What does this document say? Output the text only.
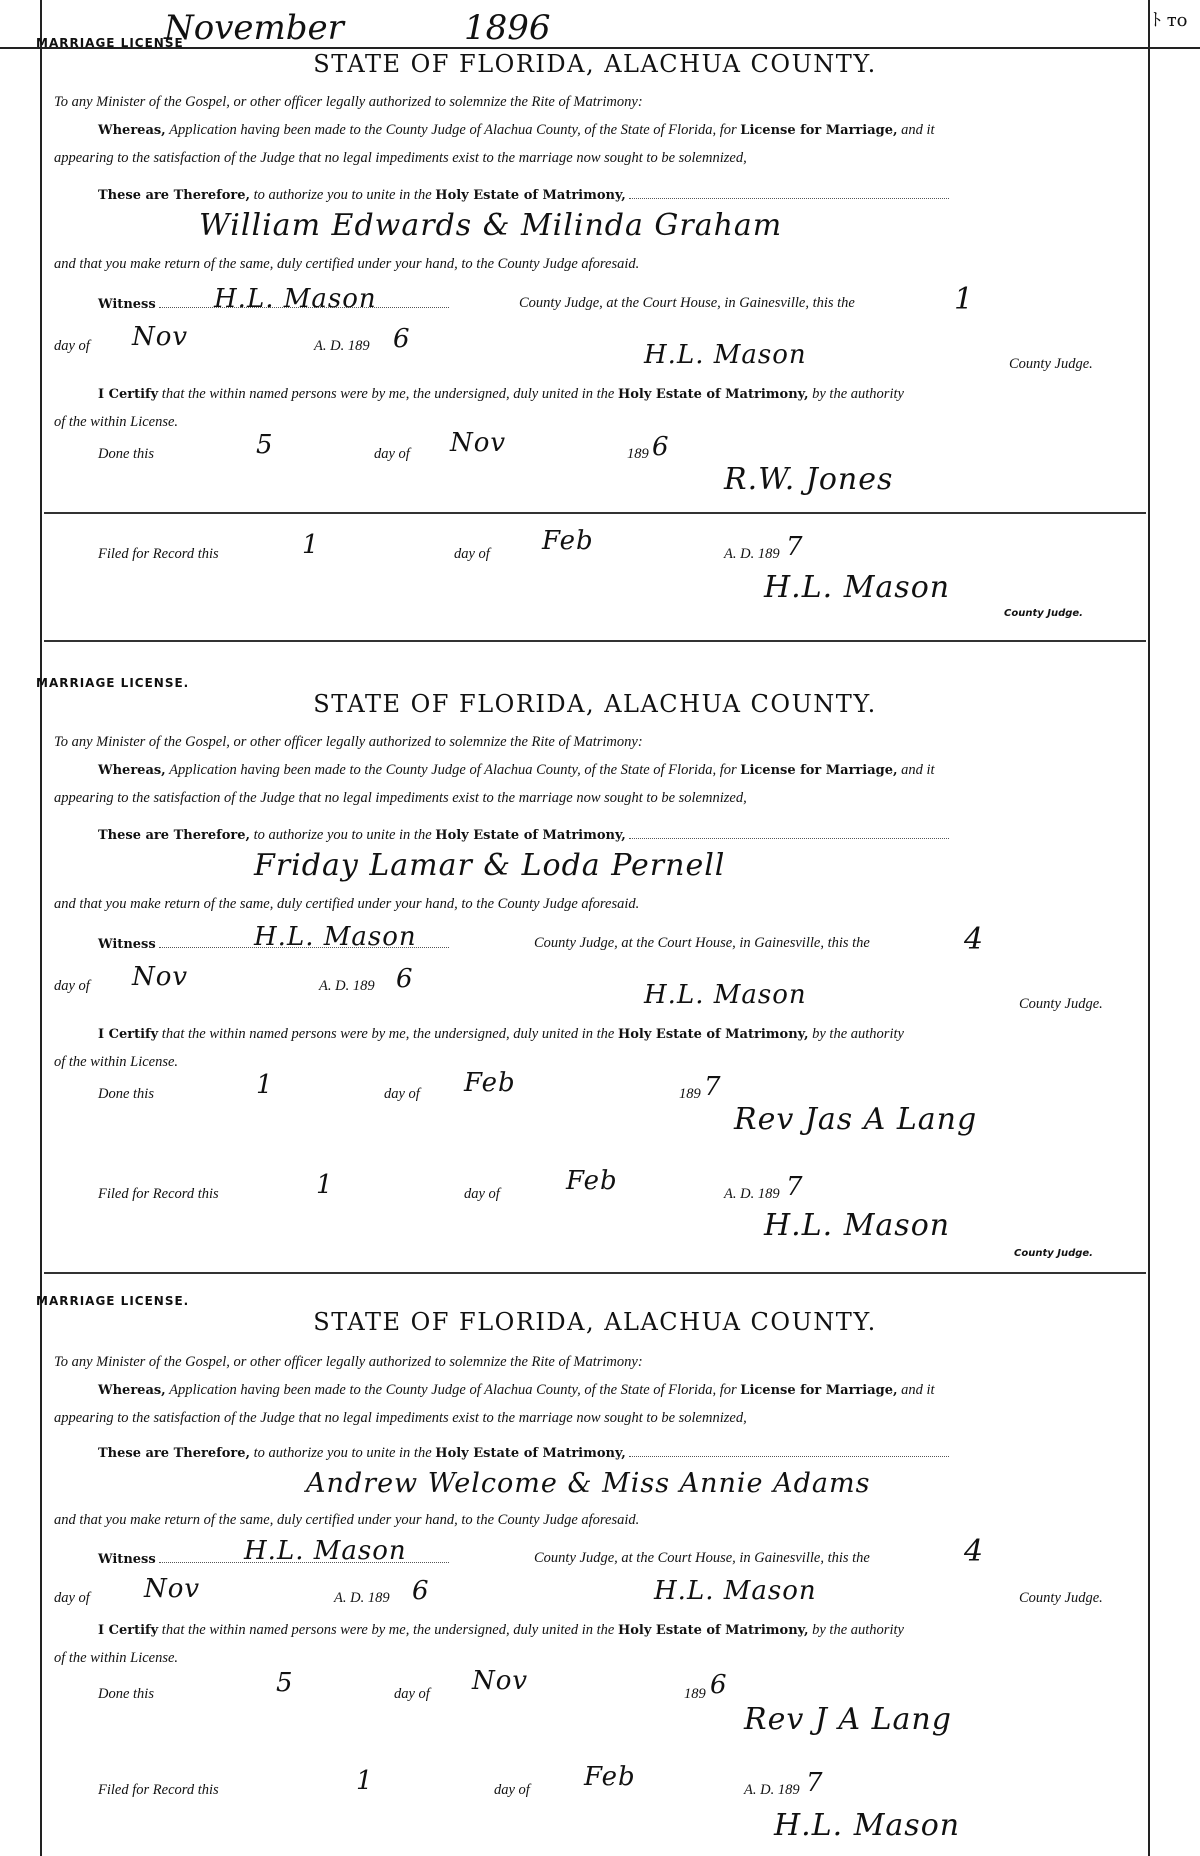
ﾄ ᴛᴏ
MARRIAGE LICENSE
November	1896
STATE OF FLORIDA, ALACHUA COUNTY.
To any Minister of the Gospel, or other officer legally authorized to solemnize the Rite of Matrimony:
Whereas, Application having been made to the County Judge of Alachua County, of the State of Florida, for License for Marriage, and it
appearing to the satisfaction of the Judge that no legal impediments exist to the marriage now sought to be solemnized,
These are Therefore, to authorize you to unite in the Holy Estate of Matrimony,
William Edwards & Milinda Graham
and that you make return of the same, duly certified under your hand, to the County Judge aforesaid.
Witness	H.L. Mason	County Judge, at the Court House, in Gainesville, this the	1
day of Nov	A. D. 189 6
H.L. Mason	County Judge.
I Certify that the within named persons were by me, the undersigned, duly united in the Holy Estate of Matrimony, by the authority
of the within License.
Done this	5	day of Nov	189 6
R.W. Jones
Filed for Record this	1	day of Feb	A. D. 189 7
H.L. Mason
County Judge.
MARRIAGE LICENSE.
STATE OF FLORIDA, ALACHUA COUNTY.
To any Minister of the Gospel, or other officer legally authorized to solemnize the Rite of Matrimony:
Whereas, Application having been made to the County Judge of Alachua County, of the State of Florida, for License for Marriage, and it
appearing to the satisfaction of the Judge that no legal impediments exist to the marriage now sought to be solemnized,
These are Therefore, to authorize you to unite in the Holy Estate of Matrimony,
Friday Lamar & Loda Pernell
and that you make return of the same, duly certified under your hand, to the County Judge aforesaid.
Witness	H.L. Mason	County Judge, at the Court House, in Gainesville, this the	4
day of Nov	A. D. 189 6
H.L. Mason	County Judge.
I Certify that the within named persons were by me, the undersigned, duly united in the Holy Estate of Matrimony, by the authority
of the within License.
Done this	1	day of Feb	189 7
Rev Jas A Lang
Filed for Record this	1	day of	Feb	A. D. 189 7
H.L. Mason
County Judge.
MARRIAGE LICENSE.
STATE OF FLORIDA, ALACHUA COUNTY.
To any Minister of the Gospel, or other officer legally authorized to solemnize the Rite of Matrimony:
Whereas, Application having been made to the County Judge of Alachua County, of the State of Florida, for License for Marriage, and it
appearing to the satisfaction of the Judge that no legal impediments exist to the marriage now sought to be solemnized,
These are Therefore, to authorize you to unite in the Holy Estate of Matrimony,
Andrew Welcome & Miss Annie Adams
and that you make return of the same, duly certified under your hand, to the County Judge aforesaid.
Witness	H.L. Mason	County Judge, at the Court House, in Gainesville, this the	4
day of Nov	A. D. 189 6	H.L. Mason	County Judge.
I Certify that the within named persons were by me, the undersigned, duly united in the Holy Estate of Matrimony, by the authority
of the within License.
Done this	5	day of Nov	189 6
Rev J A Lang
Filed for Record this	1	day of Feb	A. D. 189 7
H.L. Mason
